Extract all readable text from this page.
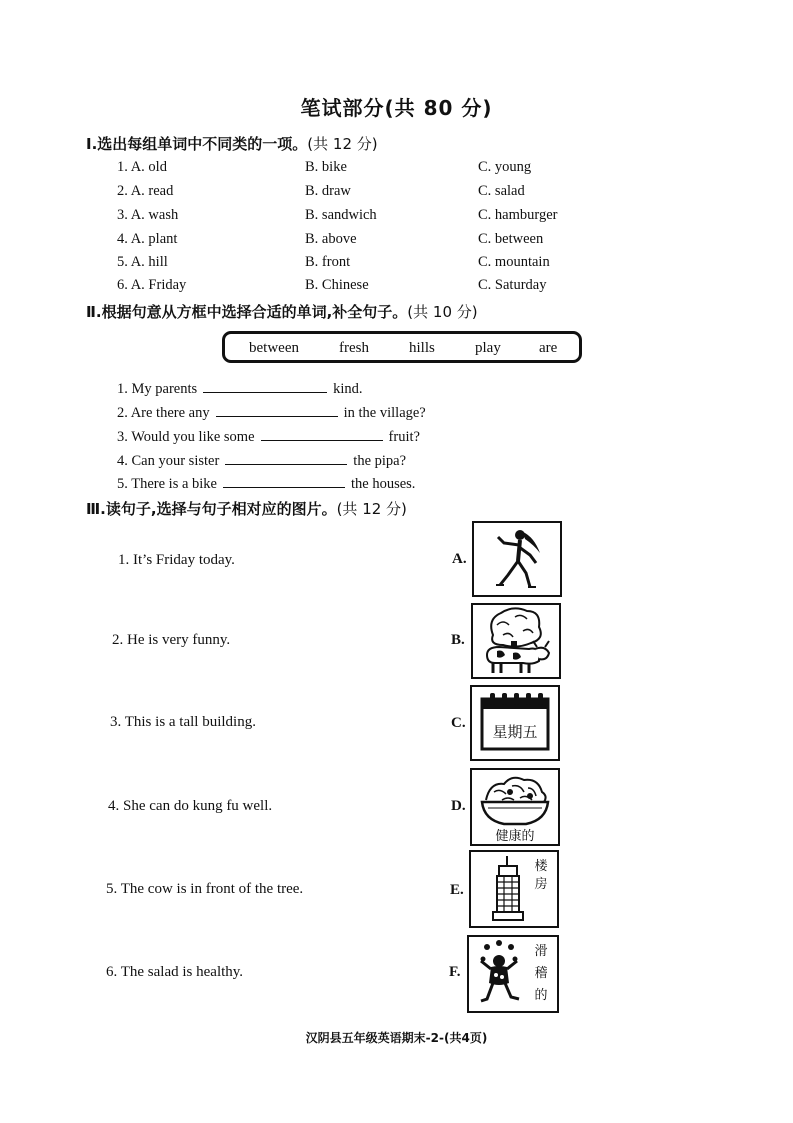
笔试部分(共 80 分)
Ⅰ.选出每组单词中不同类的一项。(共 12 分)
1. A. old	B. bike	C. young
2. A. read	B. draw	C. salad
3. A. wash	B. sandwich	C. hamburger
4. A. plant	B. above	C. between
5. A. hill	B. front	C. mountain
6. A. Friday	B. Chinese	C. Saturday
Ⅱ.根据句意从方框中选择合适的单词,补全句子。(共 10 分)
between	fresh	hills	play	are
1. My parents	kind.
2. Are there any	in the village?
3. Would you like some	fruit?
4. Can your sister	the pipa?
5. There is a bike	the houses.
Ⅲ.读句子,选择与句子相对应的图片。(共 12 分)
1. It’s Friday today.
2. He is very funny.
3. This is a tall building.
4. She can do kung fu well.
5. The cow is in front of the tree.
6. The salad is healthy.
A.
B.
C.
D.
E.
F.
星期五
健康的
楼
房
滑
稽
的
汉阴县五年级英语期末-2-(共4页)
